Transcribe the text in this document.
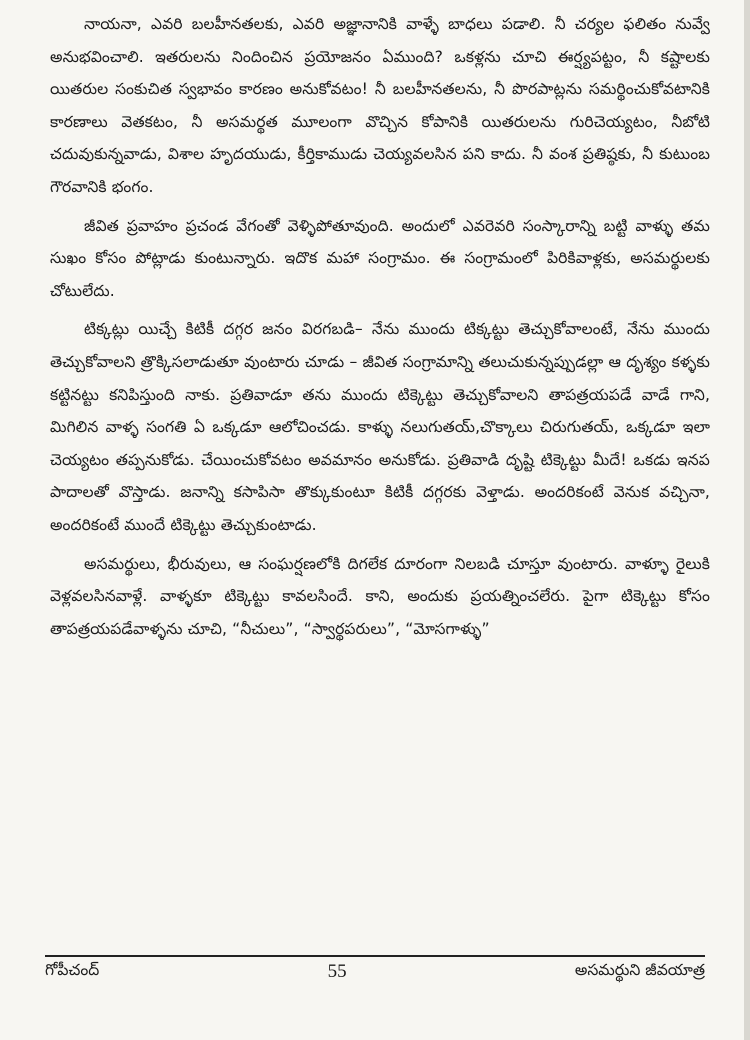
నాయనా, ఎవరి బలహీనతలకు, ఎవరి అజ్ఞానానికి వాళ్ళే బాధలు పడాలి. నీ చర్యల ఫలితం నువ్వే అనుభవించాలి. ఇతరులను నిందించిన ప్రయోజనం ఏముంది? ఒకళ్లను చూచి ఈర్ష్యపట్టం, నీ కష్టాలకు యితరుల సంకుచిత స్వభావం కారణం అనుకోవటం! నీ బలహీనతలను, నీ పొరపాట్లను సమర్థించుకోవటానికి కారణాలు వెతకటం, నీ అసమర్థత మూలంగా వొచ్చిన కోపానికి యితరులను గురిచెయ్యటం, నీబోటి చదువుకున్నవాడు, విశాల హృదయుడు, కీర్తికాముడు చెయ్యవలసిన పని కాదు. నీ వంశ ప్రతిష్ఠకు, నీ కుటుంబ గౌరవానికి భంగం.

జీవిత ప్రవాహం ప్రచండ వేగంతో వెళ్ళిపోతూవుంది. అందులో ఎవరెవరి సంస్కారాన్ని బట్టి వాళ్ళు తమ సుఖం కోసం పోట్లాడు కుంటున్నారు. ఇదొక మహా సంగ్రామం. ఈ సంగ్రామంలో పిరికివాళ్లకు, అసమర్థులకు చోటులేదు.

టిక్కట్లు యిచ్చే కిటికీ దగ్గర జనం విరగబడి– నేను ముందు టిక్కట్టు తెచ్చుకోవాలంటే, నేను ముందు తెచ్చుకోవాలని త్రొక్కిసలాడుతూ వుంటారు చూడు – జీవిత సంగ్రామాన్ని తలుచుకున్నప్పుడల్లా ఆ దృశ్యం కళ్ళకు కట్టినట్టు కనిపిస్తుంది నాకు. ప్రతివాడూ తను ముందు టిక్కెట్టు తెచ్చుకోవాలని తాపత్రయపడే వాడే గాని, మిగిలిన వాళ్ళ సంగతి ఏ ఒక్కడూ ఆలోచించడు. కాళ్ళు నలుగుతయ్,చొక్కాలు చిరుగుతయ్, ఒక్కడూ ఇలా చెయ్యటం తప్పనుకోడు. చేయించుకోవటం అవమానం అనుకోడు. ప్రతివాడి దృష్టి టిక్కెట్టు మీదే! ఒకడు ఇనప పాదాలతో వొస్తాడు. జనాన్ని కసాపిసా తొక్కుకుంటూ కిటికీ దగ్గరకు వెళ్తాడు. అందరికంటే వెనుక వచ్చినా, అందరికంటే ముందే టిక్కెట్టు తెచ్చుకుంటాడు.

అసమర్థులు, భీరువులు, ఆ సంఘర్షణలోకి దిగలేక దూరంగా నిలబడి చూస్తూ వుంటారు. వాళ్ళూ రైలుకి వెళ్లవలసినవాళ్లే. వాళ్ళకూ టిక్కెట్టు కావలసిందే. కాని, అందుకు ప్రయత్నించలేరు. పైగా టిక్కెట్టు కోసం తాపత్రయపడేవాళ్ళను చూచి, “నీచులు”, “స్వార్థపరులు”, “మోసగాళ్ళు”

గోపీచంద్	55	అసమర్థుని జీవయాత్ర
